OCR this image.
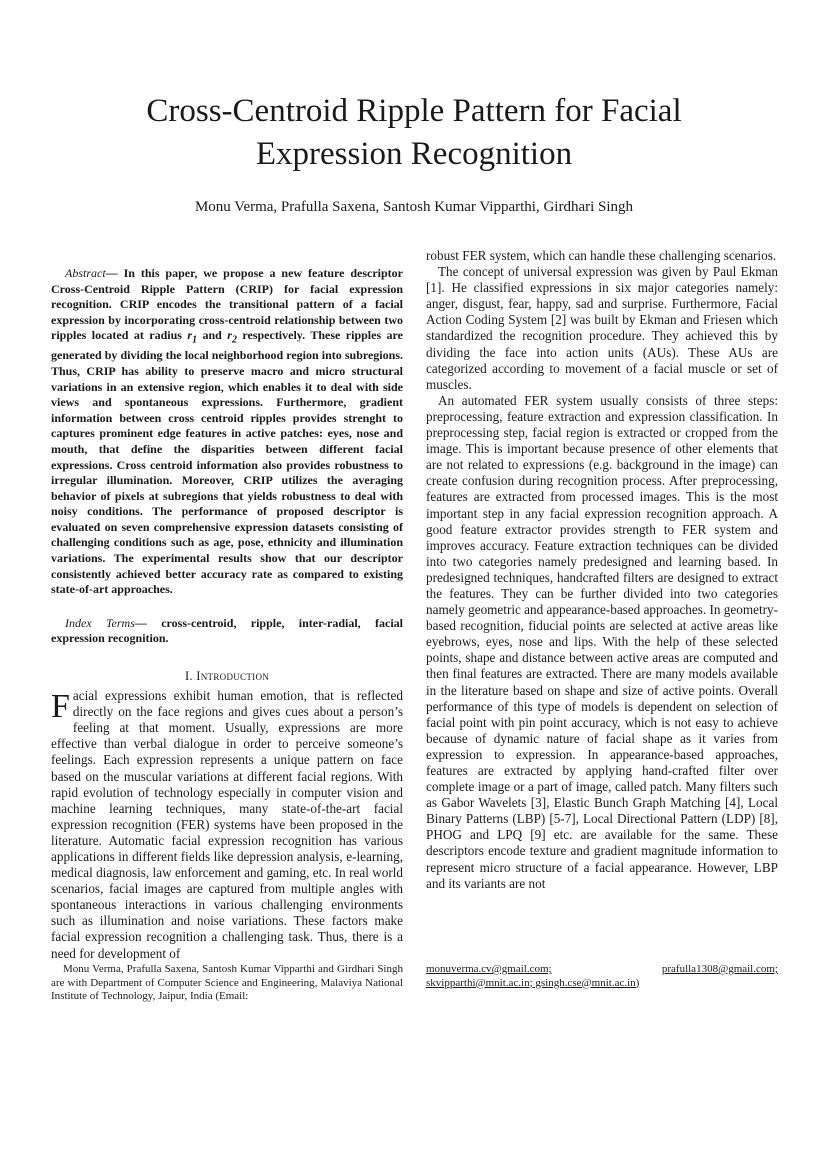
Cross-Centroid Ripple Pattern for Facial Expression Recognition
Monu Verma, Prafulla Saxena, Santosh Kumar Vipparthi, Girdhari Singh

Abstract— In this paper, we propose a new feature descriptor Cross-Centroid Ripple Pattern (CRIP) for facial expression recognition. CRIP encodes the transitional pattern of a facial expression by incorporating cross-centroid relationship between two ripples located at radius $r_1$ and $r_2$ respectively. These ripples are generated by dividing the local neighborhood region into subregions. Thus, CRIP has ability to preserve macro and micro structural variations in an extensive region, which enables it to deal with side views and spontaneous expressions. Furthermore, gradient information between cross centroid ripples provides strenght to captures prominent edge features in active patches: eyes, nose and mouth, that define the disparities between different facial expressions. Cross centroid information also provides robustness to irregular illumination. Moreover, CRIP utilizes the averaging behavior of pixels at subregions that yields robustness to deal with noisy conditions. The performance of proposed descriptor is evaluated on seven comprehensive expression datasets consisting of challenging conditions such as age, pose, ethnicity and illumination variations. The experimental results show that our descriptor consistently achieved better accuracy rate as compared to existing state-of-art approaches.

Index Terms— cross-centroid, ripple, inter-radial, facial expression recognition.

I. Introduction

Facial expressions exhibit human emotion, that is reflected directly on the face regions and gives cues about a person’s feeling at that moment. Usually, expressions are more effective than verbal dialogue in order to perceive someone’s feelings. Each expression represents a unique pattern on face based on the muscular variations at different facial regions. With rapid evolution of technology especially in computer vision and machine learning techniques, many state-of-the-art facial expression recognition (FER) systems have been proposed in the literature. Automatic facial expression recognition has various applications in different fields like depression analysis, e-learning, medical diagnosis, law enforcement and gaming, etc. In real world scenarios, facial images are captured from multiple angles with spontaneous interactions in various challenging environments such as illumination and noise variations. These factors make facial expression recognition a challenging task. Thus, there is a need for development of

robust FER system, which can handle these challenging scenarios.

The concept of universal expression was given by Paul Ekman [1]. He classified expressions in six major categories namely: anger, disgust, fear, happy, sad and surprise. Furthermore, Facial Action Coding System [2] was built by Ekman and Friesen which standardized the recognition procedure. They achieved this by dividing the face into action units (AUs). These AUs are categorized according to movement of a facial muscle or set of muscles.

An automated FER system usually consists of three steps: preprocessing, feature extraction and expression classification. In preprocessing step, facial region is extracted or cropped from the image. This is important because presence of other elements that are not related to expressions (e.g. background in the image) can create confusion during recognition process. After preprocessing, features are extracted from processed images. This is the most important step in any facial expression recognition approach. A good feature extractor provides strength to FER system and improves accuracy. Feature extraction techniques can be divided into two categories namely predesigned and learning based. In predesigned techniques, handcrafted filters are designed to extract the features. They can be further divided into two categories namely geometric and appearance-based approaches. In geometry-based recognition, fiducial points are selected at active areas like eyebrows, eyes, nose and lips. With the help of these selected points, shape and distance between active areas are computed and then final features are extracted. There are many models available in the literature based on shape and size of active points. Overall performance of this type of models is dependent on selection of facial point with pin point accuracy, which is not easy to achieve because of dynamic nature of facial shape as it varies from expression to expression. In appearance-based approaches, features are extracted by applying hand-crafted filter over complete image or a part of image, called patch. Many filters such as Gabor Wavelets [3], Elastic Bunch Graph Matching [4], Local Binary Patterns (LBP) [5-7], Local Directional Pattern (LDP) [8], PHOG and LPQ [9] etc. are available for the same. These descriptors encode texture and gradient magnitude information to represent micro structure of a facial appearance. However, LBP and its variants are not

Monu Verma, Prafulla Saxena, Santosh Kumar Vipparthi and Girdhari Singh are with Department of Computer Science and Engineering, Malaviya National Institute of Technology, Jaipur, India (Email:
monuverma.cv@gmail.com;	prafulla1308@gmail.com;
skvipparthi@mnit.ac.in; gsingh.cse@mnit.ac.in)
